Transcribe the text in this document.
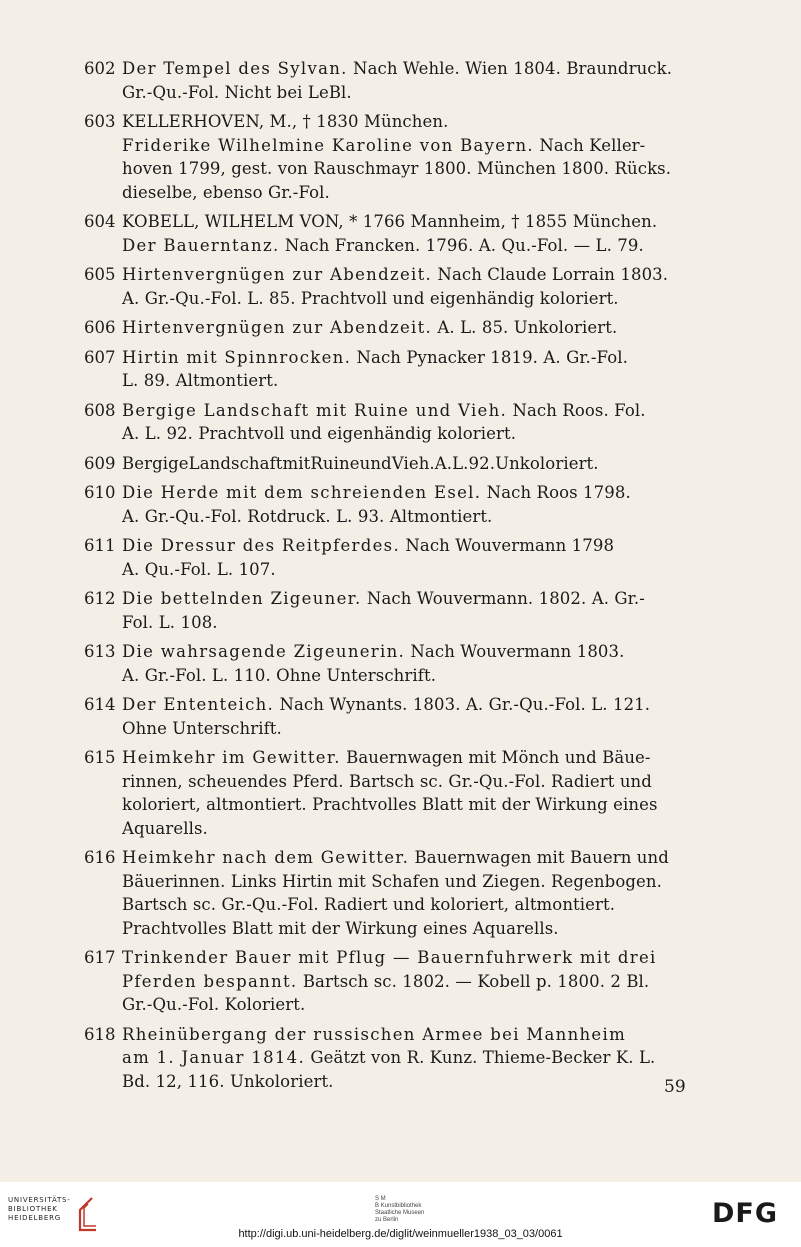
602 Der Tempel des Sylvan. Nach Wehle. Wien 1804. Braundruck.
Gr.-Qu.-Fol. Nicht bei LeBl.
603 KELLERHOVEN, M., † 1830 München.
Friderike Wilhelmine Karoline von Bayern. Nach Keller-
hoven 1799, gest. von Rauschmayr 1800. München 1800. Rücks.
dieselbe, ebenso Gr.-Fol.
604 KOBELL, WILHELM VON, * 1766 Mannheim, † 1855 München.
Der Bauerntanz. Nach Francken. 1796. A. Qu.-Fol. — L. 79.
605 Hirtenvergnügen zur Abendzeit. Nach Claude Lorrain 1803.
A. Gr.-Qu.-Fol. L. 85. Prachtvoll und eigenhändig koloriert.
606 Hirtenvergnügen zur Abendzeit. A. L. 85. Unkoloriert.
607 Hirtin mit Spinnrocken. Nach Pynacker 1819. A. Gr.-Fol.
L. 89. Altmontiert.
608 Bergige Landschaft mit Ruine und Vieh. Nach Roos. Fol.
A. L. 92. Prachtvoll und eigenhändig koloriert.
609 BergigeLandschaftmitRuineundVieh.A.L.92.Unkoloriert.
610 Die Herde mit dem schreienden Esel. Nach Roos 1798.
A. Gr.-Qu.-Fol. Rotdruck. L. 93. Altmontiert.
611 Die Dressur des Reitpferdes. Nach Wouvermann 1798
A. Qu.-Fol. L. 107.
612 Die bettelnden Zigeuner. Nach Wouvermann. 1802. A. Gr.-
Fol. L. 108.
613 Die wahrsagende Zigeunerin. Nach Wouvermann 1803.
A. Gr.-Fol. L. 110. Ohne Unterschrift.
614 Der Ententeich. Nach Wynants. 1803. A. Gr.-Qu.-Fol. L. 121.
Ohne Unterschrift.
615 Heimkehr im Gewitter. Bauernwagen mit Mönch und Bäue-
rinnen, scheuendes Pferd. Bartsch sc. Gr.-Qu.-Fol. Radiert und
koloriert, altmontiert. Prachtvolles Blatt mit der Wirkung eines
Aquarells.
616 Heimkehr nach dem Gewitter. Bauernwagen mit Bauern und
Bäuerinnen. Links Hirtin mit Schafen und Ziegen. Regenbogen.
Bartsch sc. Gr.-Qu.-Fol. Radiert und koloriert, altmontiert.
Prachtvolles Blatt mit der Wirkung eines Aquarells.
617 Trinkender Bauer mit Pflug — Bauernfuhrwerk mit drei
Pferden bespannt. Bartsch sc. 1802. — Kobell p. 1800. 2 Bl.
Gr.-Qu.-Fol. Koloriert.
618 Rheinübergang der russischen Armee bei Mannheim
am 1. Januar 1814. Geätzt von R. Kunz. Thieme-Becker K. L.
Bd. 12, 116. Unkoloriert.	59
UNIVERSITÄTS-
BIBLIOTHEK
HEIDELBERG
S M
B Kunstbibliothek
Staatliche Museen
zu Berlin	DFG
http://digi.ub.uni-heidelberg.de/diglit/weinmueller1938_03_03/0061
